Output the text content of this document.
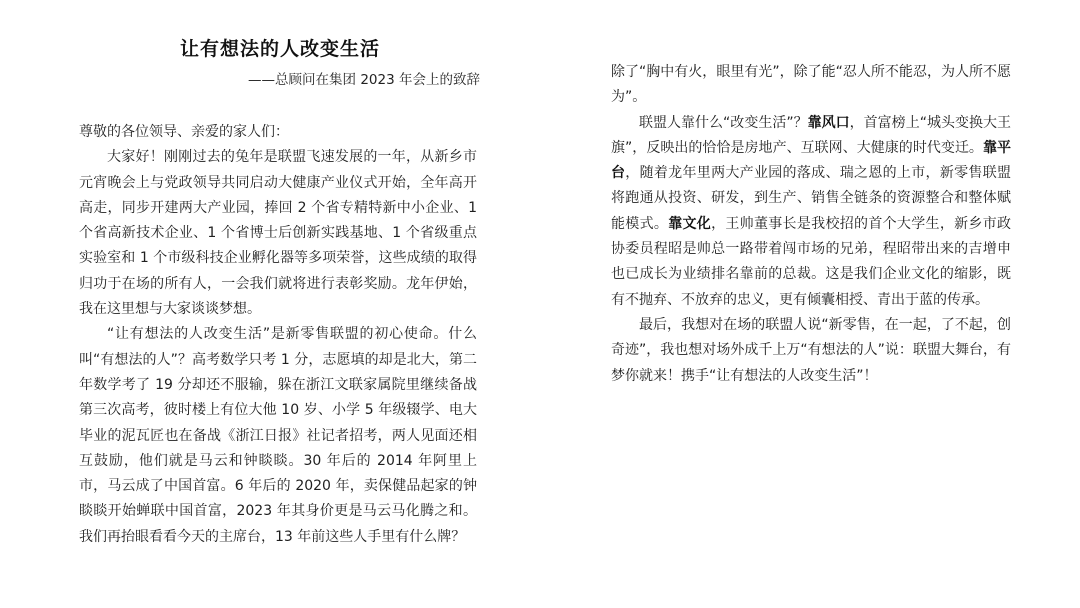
让有想法的人改变生活
——总顾问在集团 2023 年会上的致辞

尊敬的各位领导、亲爱的家人们：

大家好！刚刚过去的兔年是联盟飞速发展的一年，从新乡市元宵晚会上与党政领导共同启动大健康产业仪式开始，全年高开高走，同步开建两大产业园，捧回 2 个省专精特新中小企业、1 个省高新技术企业、1 个省博士后创新实践基地、1 个省级重点实验室和 1 个市级科技企业孵化器等多项荣誉，这些成绩的取得归功于在场的所有人，一会我们就将进行表彰奖励。龙年伊始，我在这里想与大家谈谈梦想。

“让有想法的人改变生活”是新零售联盟的初心使命。什么叫“有想法的人”？高考数学只考 1 分，志愿填的却是北大，第二年数学考了 19 分却还不服输，躲在浙江文联家属院里继续备战第三次高考，彼时楼上有位大他 10 岁、小学 5 年级辍学、电大毕业的泥瓦匠也在备战《浙江日报》社记者招考，两人见面还相互鼓励，他们就是马云和钟睒睒。30 年后的 2014 年阿里上市，马云成了中国首富。6 年后的 2020 年，卖保健品起家的钟睒睒开始蝉联中国首富，2023 年其身价更是马云马化腾之和。我们再抬眼看看今天的主席台，13 年前这些人手里有什么牌？

除了“胸中有火，眼里有光”，除了能“忍人所不能忍，为人所不愿为”。

联盟人靠什么“改变生活”？靠风口，首富榜上“城头变换大王旗”，反映出的恰恰是房地产、互联网、大健康的时代变迁。靠平台，随着龙年里两大产业园的落成、瑞之恩的上市，新零售联盟将跑通从投资、研发，到生产、销售全链条的资源整合和整体赋能模式。靠文化，王帅董事长是我校招的首个大学生，新乡市政协委员程昭是帅总一路带着闯市场的兄弟，程昭带出来的吉增申也已成长为业绩排名靠前的总裁。这是我们企业文化的缩影，既有不抛弃、不放弃的忠义，更有倾囊相授、青出于蓝的传承。

最后，我想对在场的联盟人说“新零售，在一起，了不起，创奇迹”，我也想对场外成千上万“有想法的人”说：联盟大舞台，有梦你就来！携手“让有想法的人改变生活”！
